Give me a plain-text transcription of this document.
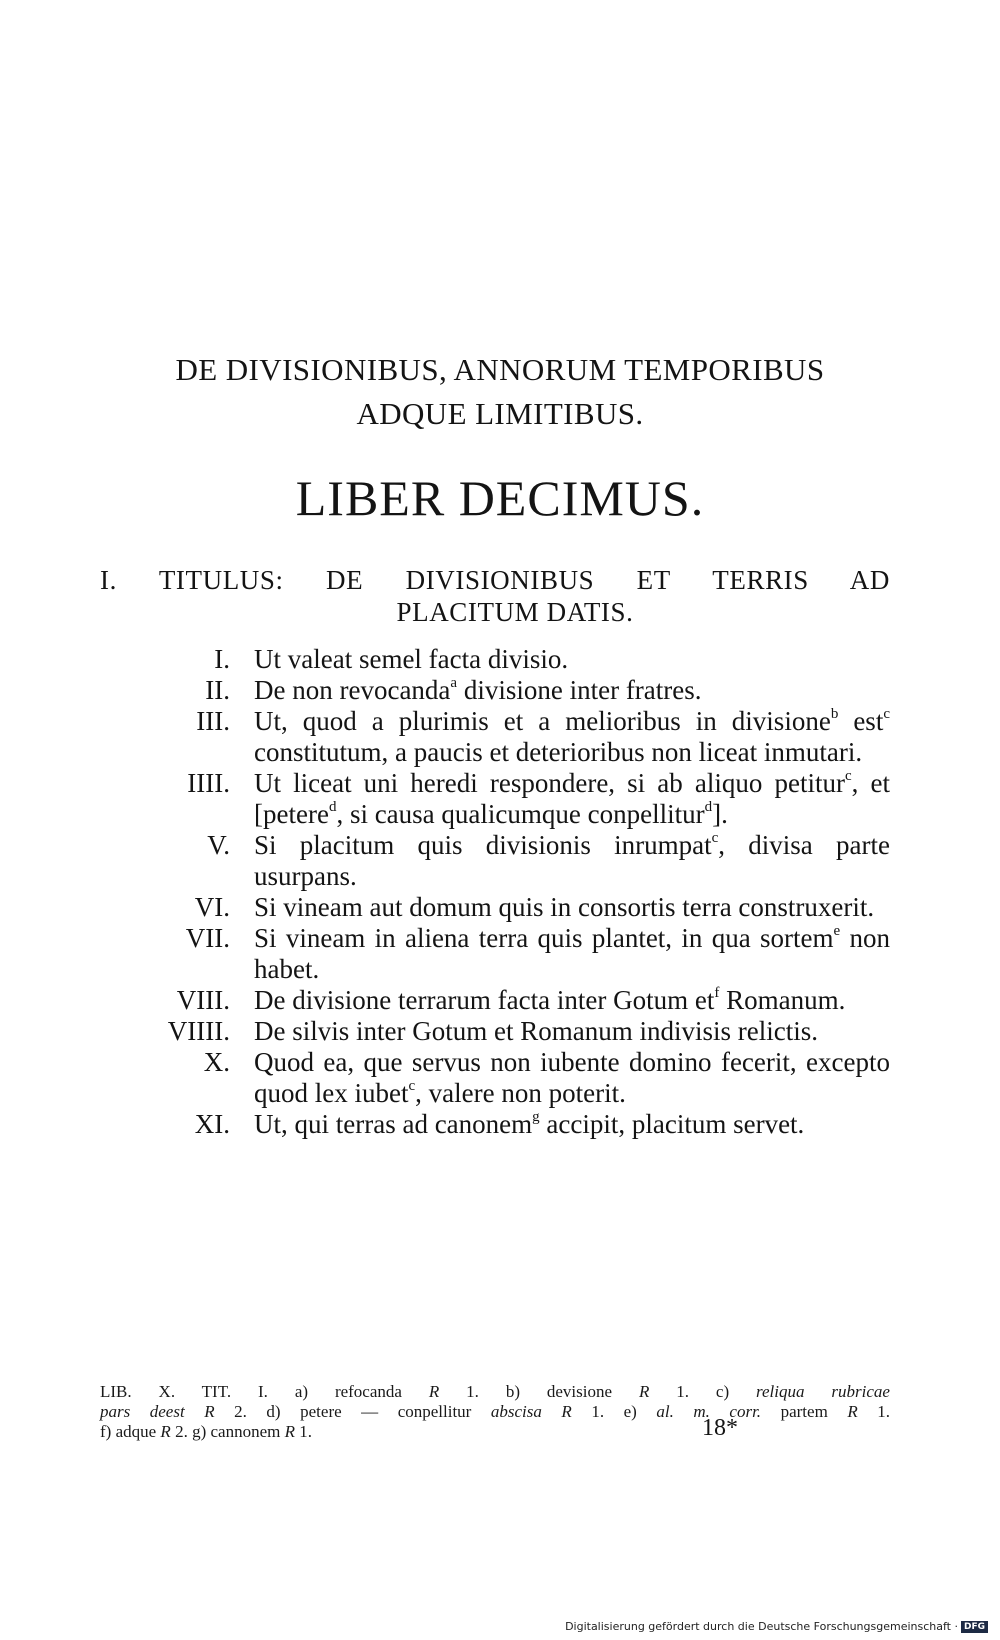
DE DIVISIONIBUS, ANNORUM TEMPORIBUS
ADQUE LIMITIBUS.
LIBER DECIMUS.
I. TITULUS: DE DIVISIONIBUS ET TERRIS AD
PLACITUM DATIS.
I. Ut valeat semel facta divisio.
II. De non revocanda$^a$ divisione inter fratres.
III. Ut, quod a plurimis et a melioribus in divisione$^b$ est$^c$ constitutum, a paucis et deterioribus non liceat inmutari.
IIII. Ut liceat uni heredi respondere, si ab aliquo petitur$^c$, et [petere$^d$, si causa qualicumque conpellitur$^d$].
V. Si placitum quis divisionis inrumpat$^c$, divisa parte usurpans.
VI. Si vineam aut domum quis in consortis terra construxerit.
VII. Si vineam in aliena terra quis plantet, in qua sortem$^e$ non habet.
VIII. De divisione terrarum facta inter Gotum $et^f$ Romanum.
VIIII. De silvis inter Gotum et Romanum indivisis relictis.
X. Quod ea, que servus non iubente domino fecerit, excepto quod lex iubet$^c$, valere non poterit.
XI. Ut, qui terras ad canonem$^g$ accipit, placitum servet.

LIB. X. TIT. I. a) refocanda R 1. b) devisione R 1. c) reliqua rubricae

pars deest R 2. d) petere — conpellitur abscisa R 1. e) al. m. corr. partem R 1.

f) adque R 2. g) cannonem R 1.	18*
Digitalisierung gefördert durch die Deutsche Forschungsgemeinschaft · DFG
